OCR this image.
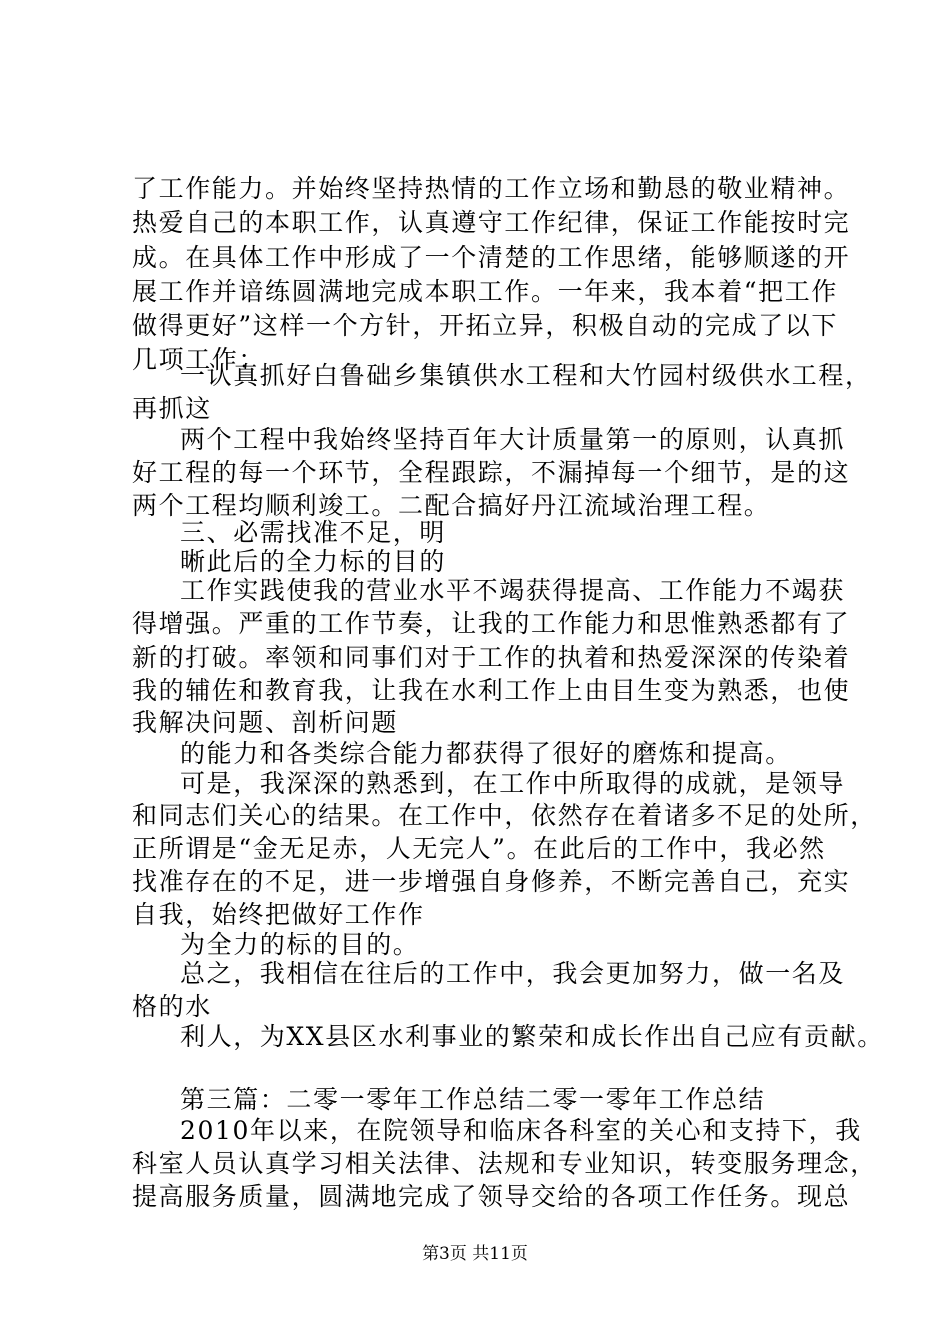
了工作能力。并始终坚持热情的工作立场和勤恳的敬业精神。

热爱自己的本职工作，认真遵守工作纪律，保证工作能按时完

成。在具体工作中形成了一个清楚的工作思绪，能够顺遂的开

展工作并谙练圆满地完成本职工作。一年来，我本着“把工作

做得更好”这样一个方针，开拓立异，积极自动的完成了以下

几项工作：

一认真抓好白鲁础乡集镇供水工程和大竹园村级供水工程，

再抓这

两个工程中我始终坚持百年大计质量第一的原则，认真抓

好工程的每一个环节，全程跟踪，不漏掉每一个细节，是的这

两个工程均顺利竣工。二配合搞好丹江流域治理工程。

三、必需找准不足，明

晰此后的全力标的目的

工作实践使我的营业水平不竭获得提高、工作能力不竭获

得增强。严重的工作节奏，让我的工作能力和思惟熟悉都有了

新的打破。率领和同事们对于工作的执着和热爱深深的传染着

我的辅佐和教育我，让我在水利工作上由目生变为熟悉，也使

我解决问题、剖析问题

的能力和各类综合能力都获得了很好的磨炼和提高。

可是，我深深的熟悉到，在工作中所取得的成就，是领导

和同志们关心的结果。在工作中，依然存在着诸多不足的处所，

正所谓是“金无足赤，人无完人”。在此后的工作中，我必然

找准存在的不足，进一步增强自身修养，不断完善自己，充实

自我，始终把做好工作作

为全力的标的目的。

总之，我相信在往后的工作中，我会更加努力，做一名及

格的水

利人，为XX县区水利事业的繁荣和成长作出自己应有贡献。

第三篇：二零一零年工作总结二零一零年工作总结

2010年以来，在院领导和临床各科室的关心和支持下，我

科室人员认真学习相关法律、法规和专业知识，转变服务理念，

提高服务质量，圆满地完成了领导交给的各项工作任务。现总

第3页 共11页
